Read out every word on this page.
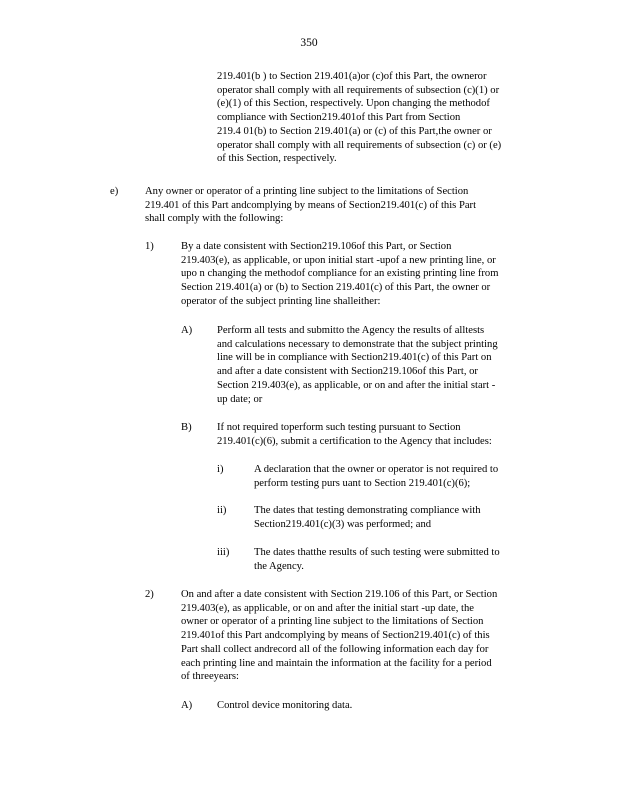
350
219.401(b ) to Section 219.401(a)or (c)of this Part, the owneror
operator shall comply with all requirements of subsection (c)(1) or
(e)(1) of this Section, respectively. Upon changing the methodof
compliance with Section219.401of this Part from Section
219.4 01(b) to Section 219.401(a) or (c) of this Part,the owner or
operator shall comply with all requirements of subsection (c) or (e)
of this Section, respectively.
e)	Any owner or operator of a printing line subject to the limitations of Section
219.401 of this Part andcomplying by means of Section219.401(c) of this Part
shall comply with the following:
1)	By a date consistent with Section219.106of this Part, or Section
219.403(e), as applicable, or upon initial start -upof a new printing line, or
upo n changing the methodof compliance for an existing printing line from
Section 219.401(a) or (b) to Section 219.401(c) of this Part, the owner or
operator of the subject printing line shalleither:
A) Perform all tests and submitto the Agency the results of alltests
and calculations necessary to demonstrate that the subject printing
line will be in compliance with Section219.401(c) of this Part on
and after a date consistent with Section219.106of this Part, or
Section 219.403(e), as applicable, or on and after the initial start -
up date; or
B) If not required toperform such testing pursuant to Section
219.401(c)(6), submit a certification to the Agency that includes:
i)	A declaration that the owner or operator is not required to
perform testing purs uant to Section 219.401(c)(6);
ii)	The dates that testing demonstrating compliance with
Section219.401(c)(3) was performed; and
iii) The dates thatthe results of such testing were submitted to
the Agency.
2)	On and after a date consistent with Section 219.106 of this Part, or Section
219.403(e), as applicable, or on and after the initial start -up date, the
owner or operator of a printing line subject to the limitations of Section
219.401of this Part andcomplying by means of Section219.401(c) of this
Part shall collect andrecord all of the following information each day for
each printing line and maintain the information at the facility for a period
of threeyears:
A) Control device monitoring data.
